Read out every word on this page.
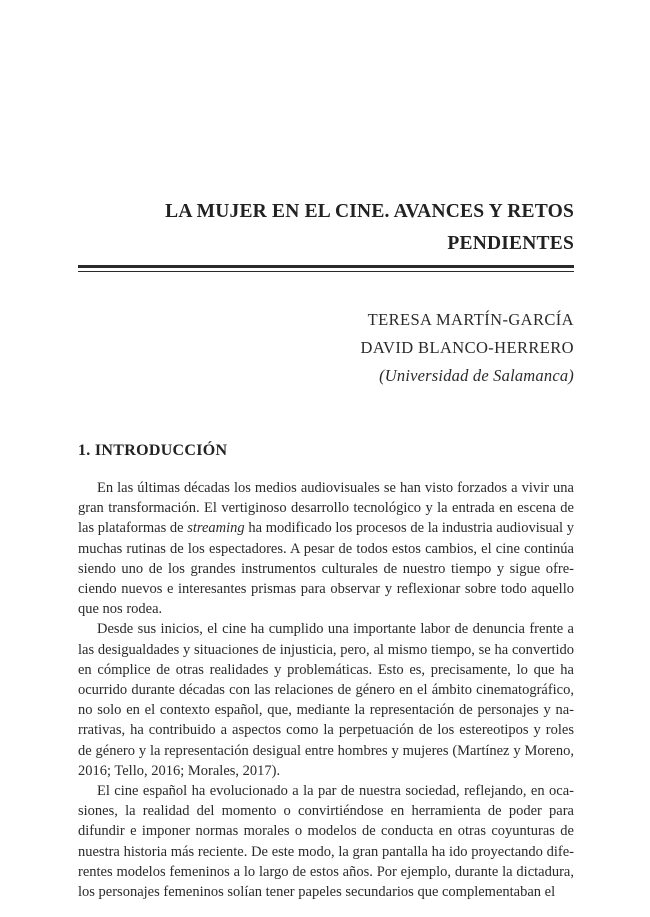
LA MUJER EN EL CINE. AVANCES Y RETOS
PENDIENTES
TERESA MARTÍN-GARCÍA
DAVID BLANCO-HERRERO
(Universidad de Salamanca)
1. INTRODUCCIÓN

En las últimas décadas los medios audiovisuales se han visto forzados a vivir una gran transformación. El vertiginoso desarrollo tecnológico y la entrada en escena de las plataformas de streaming ha modificado los procesos de la industria audiovisual y muchas rutinas de los espectadores. A pesar de todos estos cambios, el cine continúa siendo uno de los grandes instrumentos culturales de nuestro tiempo y sigue ofreciendo nuevos e interesantes prismas para observar y reflexionar sobre todo aquello que nos rodea.

Desde sus inicios, el cine ha cumplido una importante labor de denuncia frente a las desigualdades y situaciones de injusticia, pero, al mismo tiempo, se ha convertido en cómplice de otras realidades y problemáticas. Esto es, precisamente, lo que ha ocurrido durante décadas con las relaciones de género en el ámbito cinematográfico, no solo en el contexto español, que, mediante la representación de personajes y narrativas, ha contribuido a aspectos como la perpetuación de los estereotipos y roles de género y la representación desigual entre hombres y mujeres (Martínez y Moreno, 2016; Tello, 2016; Morales, 2017).

El cine español ha evolucionado a la par de nuestra sociedad, reflejando, en ocasiones, la realidad del momento o convirtiéndose en herramienta de poder para difundir e imponer normas morales o modelos de conducta en otras coyunturas de nuestra historia más reciente. De este modo, la gran pantalla ha ido proyectando diferentes modelos femeninos a lo largo de estos años. Por ejemplo, durante la dictadura, los personajes femeninos solían tener papeles secundarios que complementaban el
